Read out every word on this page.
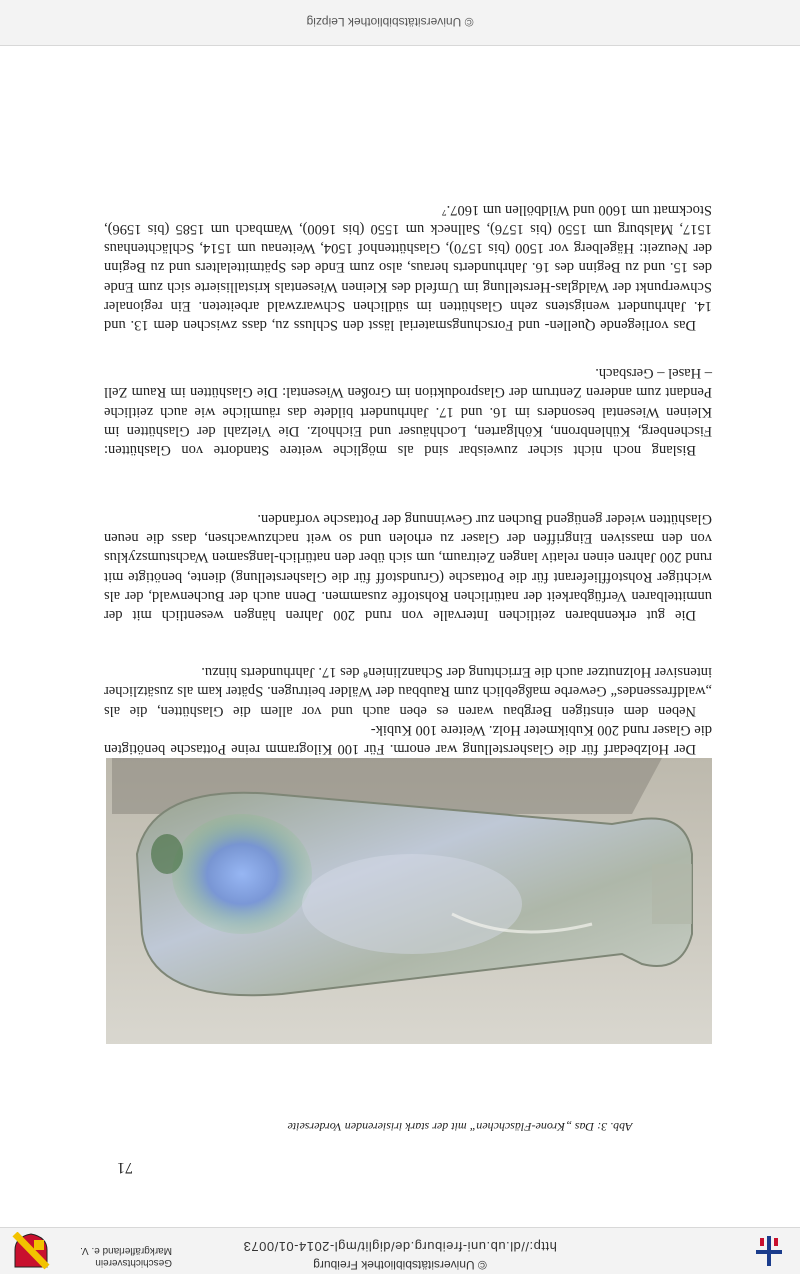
Geschichtsverein
Markgräflerland e. V.
© Universitätsbibliothek Freiburg
http://dl.ub.uni-freiburg.de/diglit/mgl-2014-01/0073
71
Abb. 3: Das „Krone-Fläschchen“ mit der stark irisierenden Vorderseite

Der Holzbedarf für die Glasherstellung war enorm. Für 100 Kilogramm reine Pottasche benötigten die Glaser rund 200 Kubikmeter Holz. Weitere 100 Kubik-

Neben dem einstigen Bergbau waren es eben auch und vor allem die Glashütten, die als „waldfressendes“ Gewerbe maßgeblich zum Raubbau der Wälder beitrugen. Später kam als zusätzlicher intensiver Holznutzer auch die Errichtung der Schanzlinien⁸ des 17. Jahrhunderts hinzu.

Die gut erkennbaren zeitlichen Intervalle von rund 200 Jahren hängen wesentlich mit der unmittelbaren Verfügbarkeit der natürlichen Rohstoffe zusammen. Denn auch der Buchenwald, der als wichtiger Rohstofflieferant für die Pottasche (Grundstoff für die Glasherstellung) diente, benötigte mit rund 200 Jahren einen relativ langen Zeitraum, um sich über den natürlich-langsamen Wachstumszyklus von den massiven Eingriffen der Glaser zu erholen und so weit nachzuwachsen, dass die neuen Glashütten wieder genügend Buchen zur Gewinnung der Pottasche vorfanden.

Bislang noch nicht sicher zuweisbar sind als mögliche weitere Standorte von Glashütten: Fischenberg, Kühlenbronn, Köhlgarten, Lochhäuser und Eichholz. Die Vielzahl der Glashütten im Kleinen Wiesental besonders im 16. und 17. Jahrhundert bildete das räumliche wie auch zeitliche Pendant zum anderen Zentrum der Glasproduktion im Großen Wiesental: Die Glashütten im Raum Zell – Hasel – Gersbach.

Das vorliegende Quellen- und Forschungsmaterial lässt den Schluss zu, dass zwischen dem 13. und 14. Jahrhundert wenigstens zehn Glashütten im südlichen Schwarzwald arbeiteten. Ein regionaler Schwerpunkt der Waldglas-Herstellung im Umfeld des Kleinen Wiesentals kristallisierte sich zum Ende des 15. und zu Beginn des 16. Jahrhunderts heraus, also zum Ende des Spätmittelalters und zu Beginn der Neuzeit: Hägelberg vor 1500 (bis 1570), Glashüttenhof 1504, Weitenau um 1514, Schlächtenhaus 1517, Malsburg um 1550 (bis 1576), Sallneck um 1550 (bis 1600), Wambach um 1585 (bis 1596), Stockmatt um 1600 und Wildböllen um 1607.⁷

© Universitätsbibliothek Leipzig
